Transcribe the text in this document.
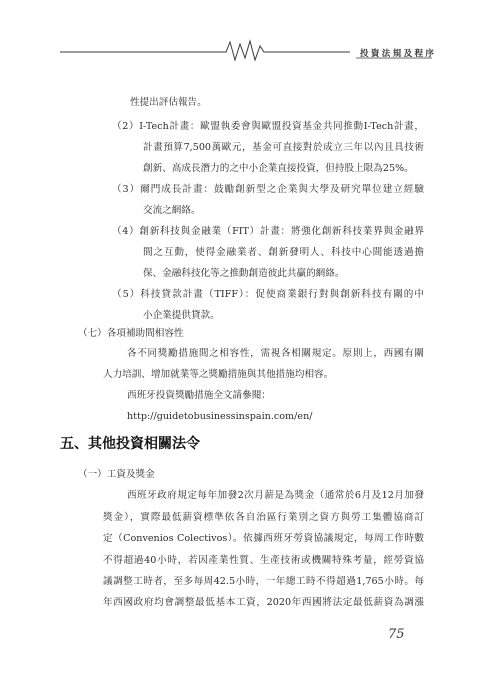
投資法規及程序
性提出評估報告。
（2）I-Tech計畫：歐盟執委會與歐盟投資基金共同推動I-Tech計畫，
計畫預算7,500萬歐元，基金可直接對於成立三年以內且具技術
創新、高成長潛力的之中小企業直接投資，但持股上限為25%。
（3）爾門成長計畫：鼓勵創新型之企業與大學及研究單位建立經驗
交流之網絡。
（4）創新科技與金融業（FIT）計畫：將強化創新科技業界與金融界
間之互動，使得金融業者、創新發明人、科技中心間能透過擔
保、金融科技化等之推動創造彼此共贏的網絡。
（5）科技貸款計畫（TIFF）：促使商業銀行對與創新科技有關的中
小企業提供貸款。
（七）各項補助間相容性
各不同獎勵措施間之相容性，需視各相關規定。原則上，西國有關
人力培訓、增加就業等之獎勵措施與其他措施均相容。
西班牙投資獎勵措施全文請參閱：
http://guidetobusinessinspain.com/en/
五、其他投資相關法令
（一）工資及獎金
西班牙政府規定每年加發2次月薪是為獎金（通常於6月及12月加發
獎金），實際最低薪資標準依各自治區行業別之資方與勞工集體協商訂
定（Convenios Colectivos）。依據西班牙勞資協議規定，每周工作時數
不得超過40小時，若因產業性質、生產技術或機關特殊考量，經勞資協
議調整工時者，至多每周42.5小時，一年總工時不得超過1,765小時。每
年西國政府均會調整最低基本工資，2020年西國將法定最低薪資為調漲
75
